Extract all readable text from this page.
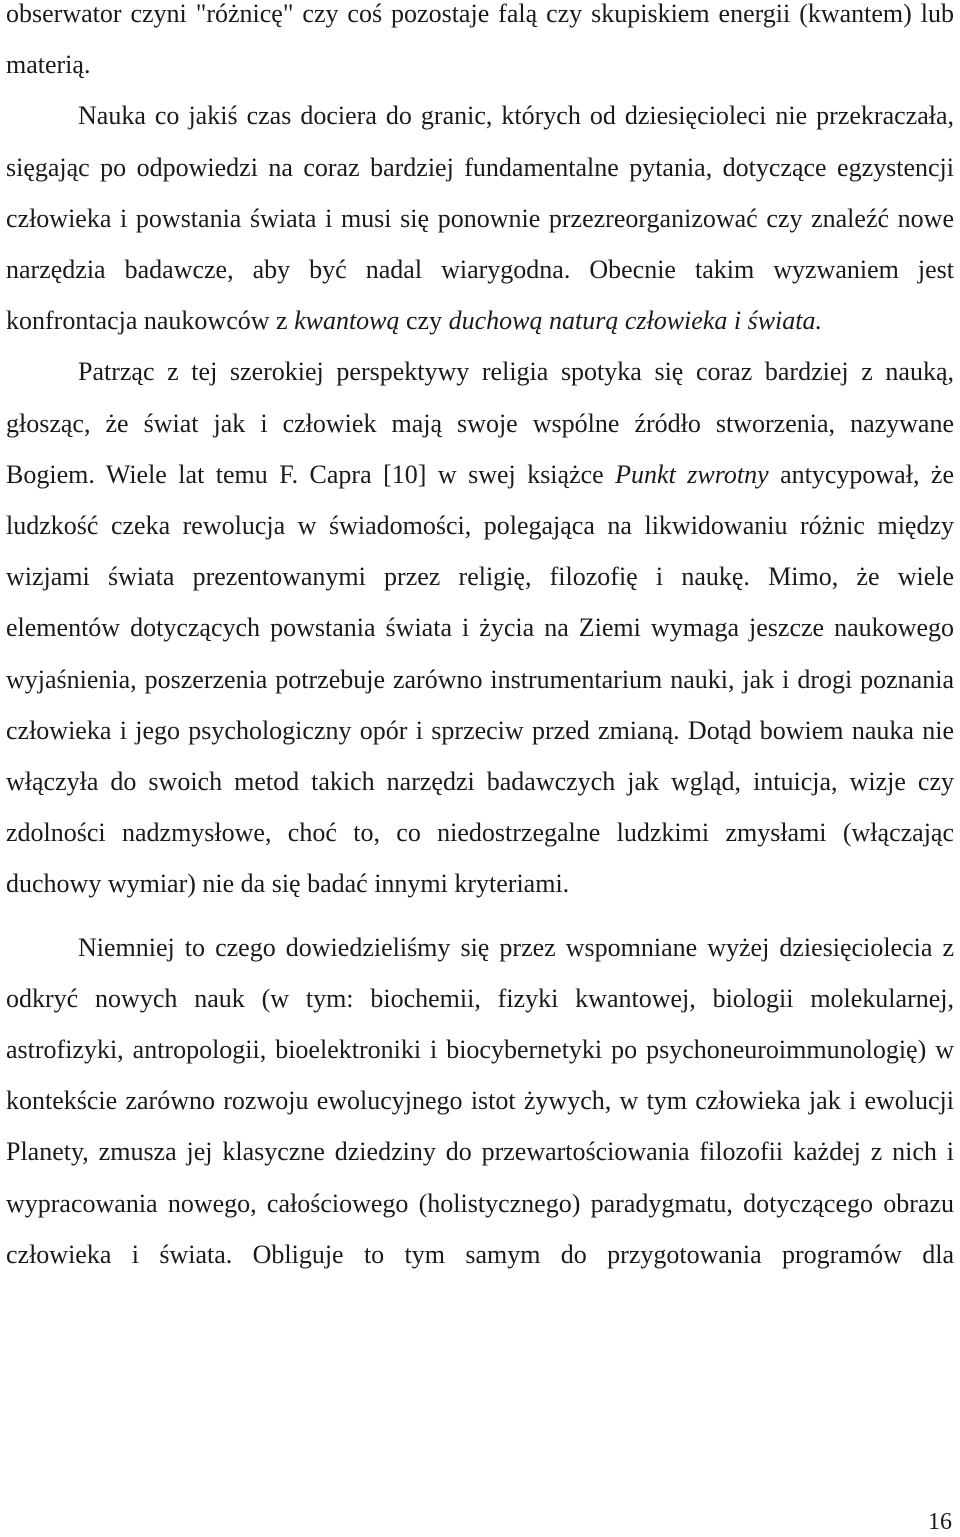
obserwator czyni "różnicę" czy coś pozostaje falą czy skupiskiem energii (kwantem) lub materią.

Nauka co jakiś czas dociera do granic, których od dziesięcioleci nie przekraczała, sięgając po odpowiedzi na coraz bardziej fundamentalne pytania, dotyczące egzystencji człowieka i powstania świata i musi się ponownie przezreorganizować czy znaleźć nowe narzędzia badawcze, aby być nadal wiarygodna. Obecnie takim wyzwaniem jest konfrontacja naukowców z kwantową czy duchową naturą człowieka i świata.

Patrząc z tej szerokiej perspektywy religia spotyka się coraz bardziej z nauką, głosząc, że świat jak i człowiek mają swoje wspólne źródło stworzenia, nazywane Bogiem. Wiele lat temu F. Capra [10] w swej książce Punkt zwrotny antycypował, że ludzkość czeka rewolucja w świadomości, polegająca na likwidowaniu różnic między wizjami świata prezentowanymi przez religię, filozofię i naukę. Mimo, że wiele elementów dotyczących powstania świata i życia na Ziemi wymaga jeszcze naukowego wyjaśnienia, poszerzenia potrzebuje zarówno instrumentarium nauki, jak i drogi poznania człowieka i jego psychologiczny opór i sprzeciw przed zmianą. Dotąd bowiem nauka nie włączyła do swoich metod takich narzędzi badawczych jak wgląd, intuicja, wizje czy zdolności nadzmysłowe, choć to, co niedostrzegalne ludzkimi zmysłami (włączając duchowy wymiar) nie da się badać innymi kryteriami.

Niemniej to czego dowiedzieliśmy się przez wspomniane wyżej dziesięciolecia z odkryć nowych nauk (w tym: biochemii, fizyki kwantowej, biologii molekularnej, astrofizyki, antropologii, bioelektroniki i biocybernetyki po psychoneuroimmunologię) w kontekście zarówno rozwoju ewolucyjnego istot żywych, w tym człowieka jak i ewolucji Planety, zmusza jej klasyczne dziedziny do przewartościowania filozofii każdej z nich i wypracowania nowego, całościowego (holistycznego) paradygmatu, dotyczącego obrazu człowieka i świata. Obliguje to tym samym do przygotowania programów dla

16
